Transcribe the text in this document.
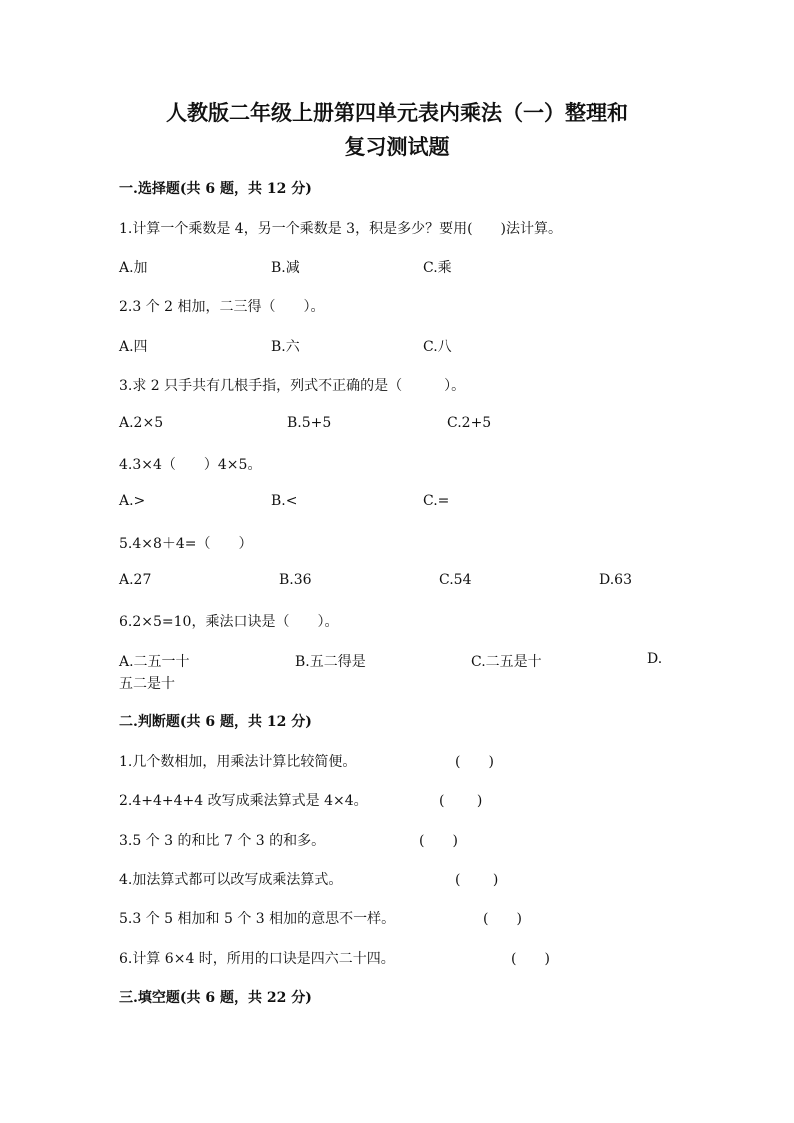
人教版二年级上册第四单元表内乘法（一）整理和
复习测试题
一.选择题(共 6 题，共 12 分)
1.计算一个乘数是 4，另一个乘数是 3，积是多少？要用(　　)法计算。
A.加	B.减	C.乘
2.3 个 2 相加，二三得（　　）。
A.四	B.六	C.八
3.求 2 只手共有几根手指，列式不正确的是（　　　）。
A.2×5	B.5+5	C.2+5
4.3×4（　　）4×5。
A.>	B.<	C.=
5.4×8＋4=（　　）
A.27	B.36	C.54	D.63
6.2×5=10，乘法口诀是（　　）。
A.二五一十	B.五二得是	C.二五是十	D.
五二是十
二.判断题(共 6 题，共 12 分)
1.几个数相加，用乘法计算比较简便。	(　　)
2.4+4+4+4 改写成乘法算式是 4×4。	(　　 )
3.5 个 3 的和比 7 个 3 的和多。	(　　)
4.加法算式都可以改写成乘法算式。	(　　 )
5.3 个 5 相加和 5 个 3 相加的意思不一样。	(　　)
6.计算 6×4 时，所用的口诀是四六二十四。	(　　)
三.填空题(共 6 题，共 22 分)
